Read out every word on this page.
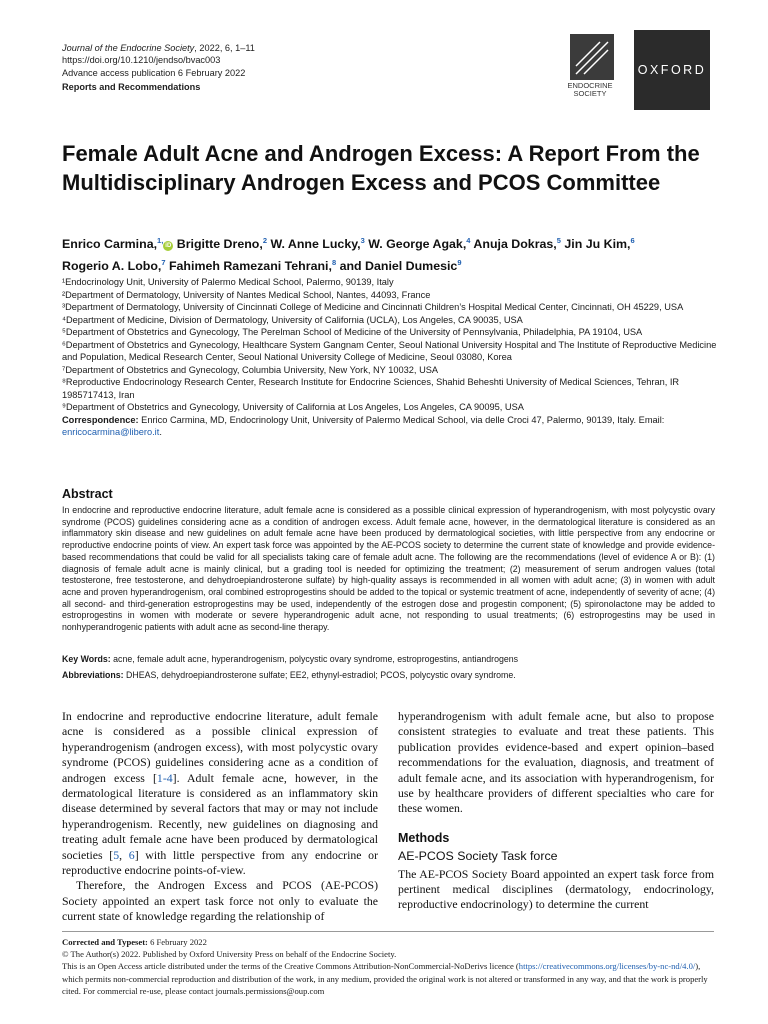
Journal of the Endocrine Society, 2022, 6, 1–11
https://doi.org/10.1210/jendso/bvac003
Advance access publication 6 February 2022
Reports and Recommendations	ENDOCRINE SOCIETY
OXFORD
Female Adult Acne and Androgen Excess: A Report From the Multidisciplinary Androgen Excess and PCOS Committee
Enrico Carmina,$^{1,}$iD Brigitte Dreno,$^2$ W. Anne Lucky,$^3$ W. George Agak,$^4$ Anuja Dokras,$^5$ Jin Ju Kim,$^6$
Rogerio A. Lobo,$^7$ Fahimeh Ramezani Tehrani,$^8$ and Daniel Dumesic$^9$

¹Endocrinology Unit, University of Palermo Medical School, Palermo, 90139, Italy

²Department of Dermatology, University of Nantes Medical School, Nantes, 44093, France

³Department of Dermatology, University of Cincinnati College of Medicine and Cincinnati Children’s Hospital Medical Center, Cincinnati, OH 45229, USA

⁴Department of Medicine, Division of Dermatology, University of California (UCLA), Los Angeles, CA 90035, USA

⁵Department of Obstetrics and Gynecology, The Perelman School of Medicine of the University of Pennsylvania, Philadelphia, PA 19104, USA

⁶Department of Obstetrics and Gynecology, Healthcare System Gangnam Center, Seoul National University Hospital and The Institute of Reproductive Medicine and Population, Medical Research Center, Seoul National University College of Medicine, Seoul 03080, Korea

⁷Department of Obstetrics and Gynecology, Columbia University, New York, NY 10032, USA

⁸Reproductive Endocrinology Research Center, Research Institute for Endocrine Sciences, Shahid Beheshti University of Medical Sciences, Tehran, IR 1985717413, Iran

⁹Department of Obstetrics and Gynecology, University of California at Los Angeles, Los Angeles, CA 90095, USA

Correspondence: Enrico Carmina, MD, Endocrinology Unit, University of Palermo Medical School, via delle Croci 47, Palermo, 90139, Italy. Email: enricocarmina@libero.it.

Abstract
In endocrine and reproductive endocrine literature, adult female acne is considered as a possible clinical expression of hyperandrogenism, with most polycystic ovary syndrome (PCOS) guidelines considering acne as a condition of androgen excess. Adult female acne, however, in the dermatological literature is considered as an inflammatory skin disease and new guidelines on adult female acne have been produced by dermatological societies, with little perspective from any endocrine or reproductive endocrine points of view. An expert task force was appointed by the AE-PCOS society to determine the current state of knowledge and provide evidence-based recommendations that could be valid for all specialists taking care of female adult acne. The following are the recommendations (level of evidence A or B): (1) diagnosis of female adult acne is mainly clinical, but a grading tool is needed for optimizing the treatment; (2) measurement of serum androgen values (total testosterone, free testosterone, and dehydroepiandrosterone sulfate) by high-quality assays is recommended in all women with adult acne; (3) in women with adult acne and proven hyperandrogenism, oral combined estroprogestins should be added to the topical or systemic treatment of acne, independently of severity of acne; (4) all second- and third-generation estroprogestins may be used, independently of the estrogen dose and progestin component; (5) spironolactone may be added to estroprogestins in women with moderate or severe hyperandrogenic adult acne, not responding to usual treatments; (6) estroprogestins may be used in nonhyperandrogenic patients with adult acne as second-line therapy.
Key Words: acne, female adult acne, hyperandrogenism, polycystic ovary syndrome, estroprogestins, antiandrogens
Abbreviations: DHEAS, dehydroepiandrosterone sulfate; EE2, ethynyl-estradiol; PCOS, polycystic ovary syndrome.

In endocrine and reproductive endocrine literature, adult female acne is considered as a possible clinical expression of hyperandrogenism (androgen excess), with most polycystic ovary syndrome (PCOS) guidelines considering acne as a condition of androgen excess [1-4]. Adult female acne, however, in the dermatological literature is considered as an inflammatory skin disease determined by several factors that may or may not include hyperandrogenism. Recently, new guidelines on diagnosing and treating adult female acne have been produced by dermatological societies [5, 6] with little perspective from any endocrine or reproductive endocrine points-of-view.

Therefore, the Androgen Excess and PCOS (AE-PCOS) Society appointed an expert task force not only to evaluate the current state of knowledge regarding the relationship of

hyperandrogenism with adult female acne, but also to propose consistent strategies to evaluate and treat these patients. This publication provides evidence-based and expert opinion–based recommendations for the evaluation, diagnosis, and treatment of adult female acne, and its association with hyperandrogenism, for use by healthcare providers of different specialties who care for these women.

Methods
AE-PCOS Society Task force

The AE-PCOS Society Board appointed an expert task force from pertinent medical disciplines (dermatology, endocrinology, reproductive endocrinology) to determine the current

Corrected and Typeset: 6 February 2022
© The Author(s) 2022. Published by Oxford University Press on behalf of the Endocrine Society.
This is an Open Access article distributed under the terms of the Creative Commons Attribution-NonCommercial-NoDerivs licence (https://creativecommons.org/licenses/by-nc-nd/4.0/), which permits non-commercial reproduction and distribution of the work, in any medium, provided the original work is not altered or transformed in any way, and that the work is properly cited. For commercial re-use, please contact journals.permissions@oup.com
